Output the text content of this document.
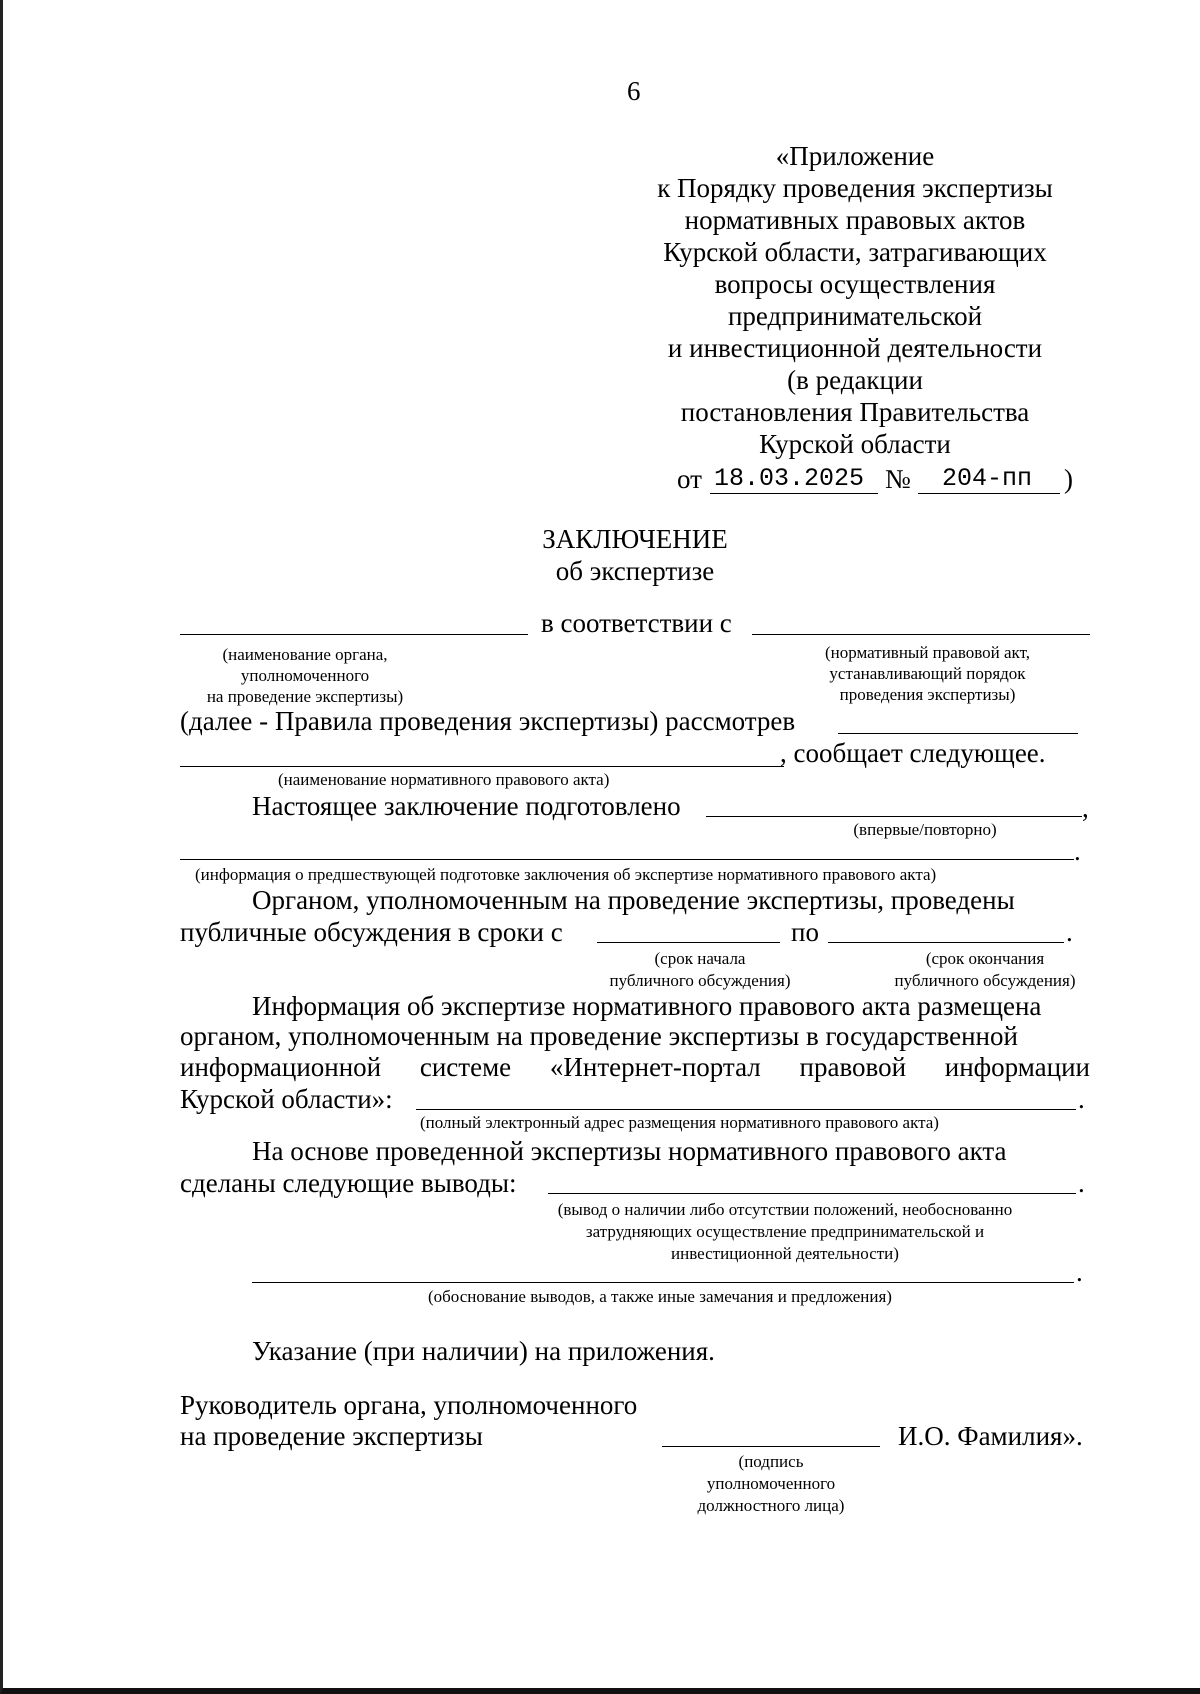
6
«Приложение
к Порядку проведения экспертизы
нормативных правовых актов
Курской области, затрагивающих
вопросы осуществления
предпринимательской
и инвестиционной деятельности
(в редакции
постановления Правительства
Курской области
от 18.03.2025 № 204-пп )
ЗАКЛЮЧЕНИЕ
об экспертизе
в соответствии с
(наименование органа,
уполномоченного
на проведение экспертизы)
(нормативный правовой акт,
устанавливающий порядок
проведения экспертизы)
(далее - Правила проведения экспертизы) рассмотрев
, сообщает следующее.
(наименование нормативного правового акта)
Настоящее заключение подготовлено	,
(впервые/повторно)
.
(информация о предшествующей подготовке заключения об экспертизе нормативного правового акта)
Органом, уполномоченным на проведение экспертизы, проведены
публичные обсуждения в сроки с	по	.
(срок начала
публичного обсуждения)
(срок окончания
публичного обсуждения)
Информация об экспертизе нормативного правового акта размещена
органом, уполномоченным на проведение экспертизы в государственной
информационной системе «Интернет-портал правовой информации
Курской области»:	.
(полный электронный адрес размещения нормативного правового акта)
На основе проведенной экспертизы нормативного правового акта
сделаны следующие выводы:	.
(вывод о наличии либо отсутствии положений, необоснованно
затрудняющих осуществление предпринимательской и
инвестиционной деятельности)
.
(обоснование выводов, а также иные замечания и предложения)
Указание (при наличии) на приложения.
Руководитель органа, уполномоченного
на проведение экспертизы	И.О. Фамилия».
(подпись
уполномоченного
должностного лица)
